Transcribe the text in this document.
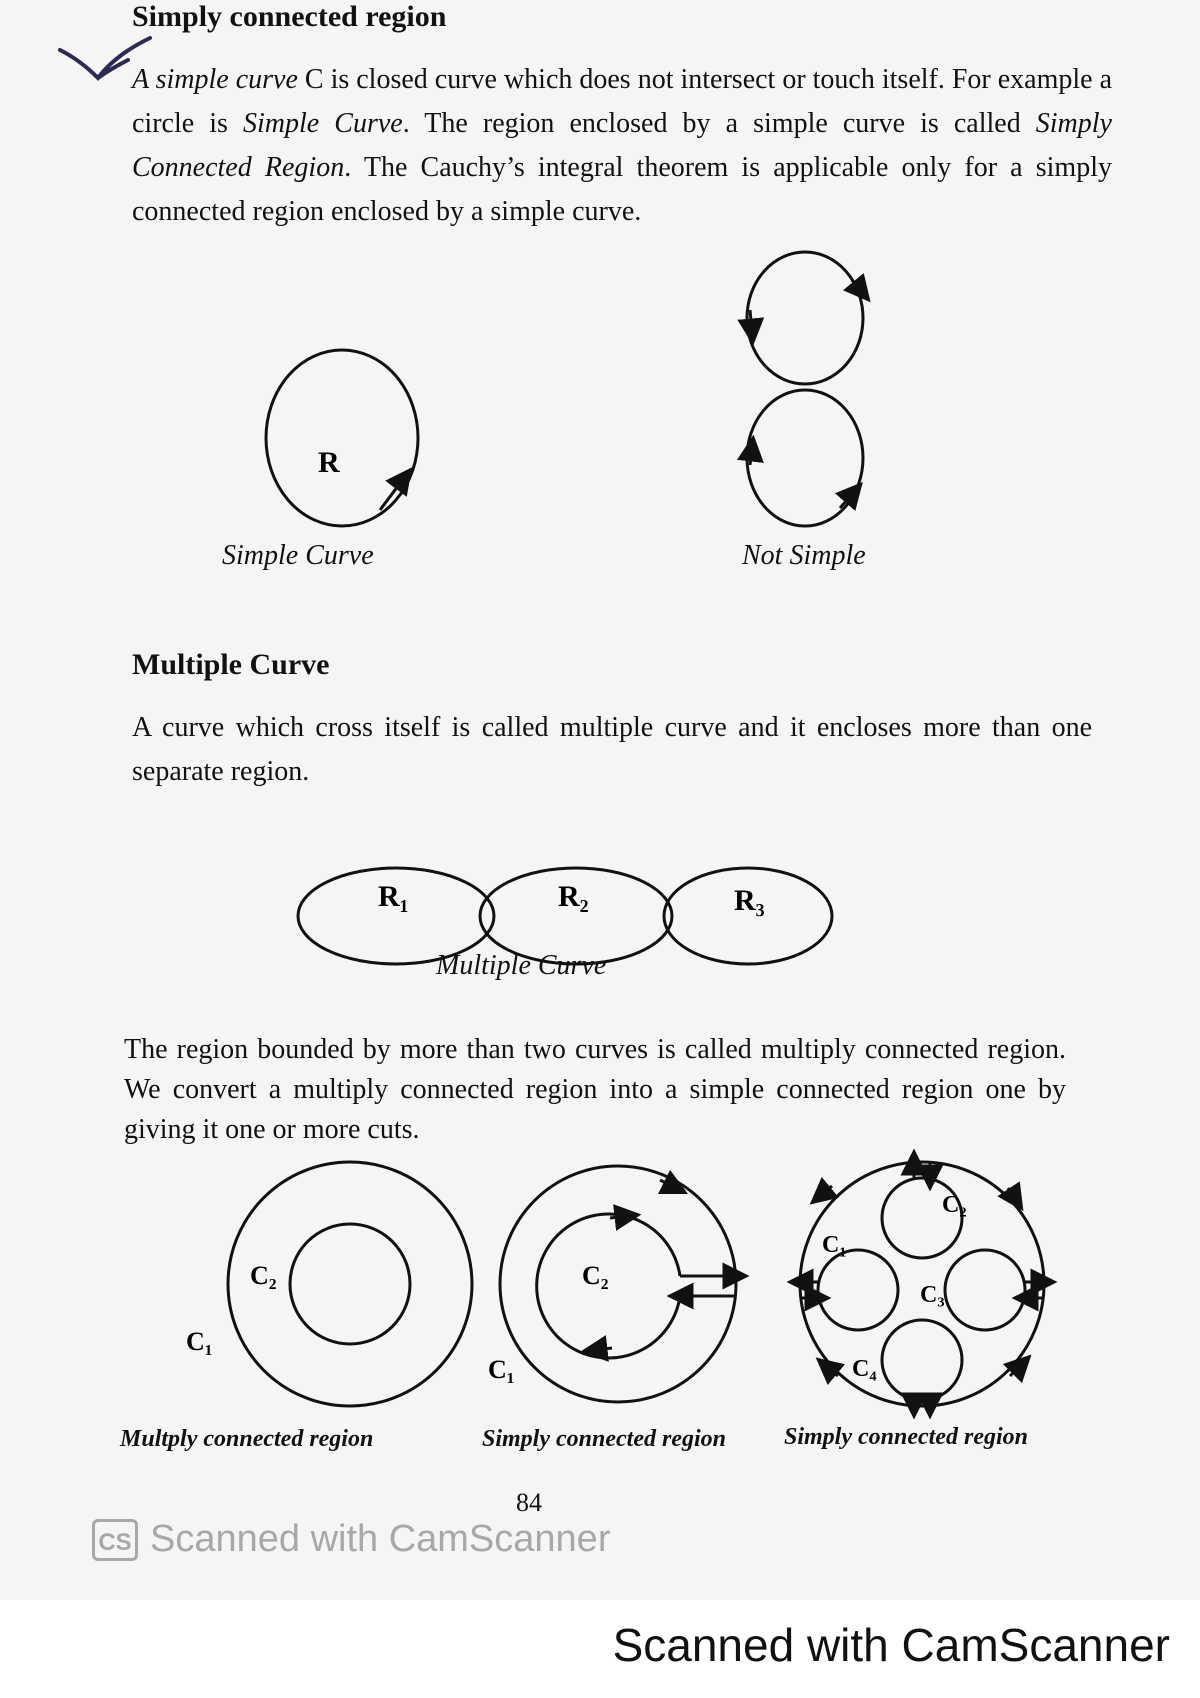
Simply connected region
R
R₁	R₂	R₃
C₂
C₁
C₂
C₁
C₁
C₂
C₃
C₄
A simple curve C is closed curve which does not intersect or touch itself. For example a circle is Simple Curve. The region enclosed by a simple curve is called Simply Connected Region. The Cauchy’s integral theorem is applicable only for a simply connected region enclosed by a simple curve.
Simple Curve	Not Simple
Multiple Curve
A curve which cross itself is called multiple curve and it encloses more than one separate region.
Multiple Curve
The region bounded by more than two curves is called multiply connected region. We convert a multiply connected region into a simple connected region one by giving it one or more cuts.
Multply connected region	Simply connected region Simply connected region
84
CS Scanned with CamScanner
Scanned with CamScanner
